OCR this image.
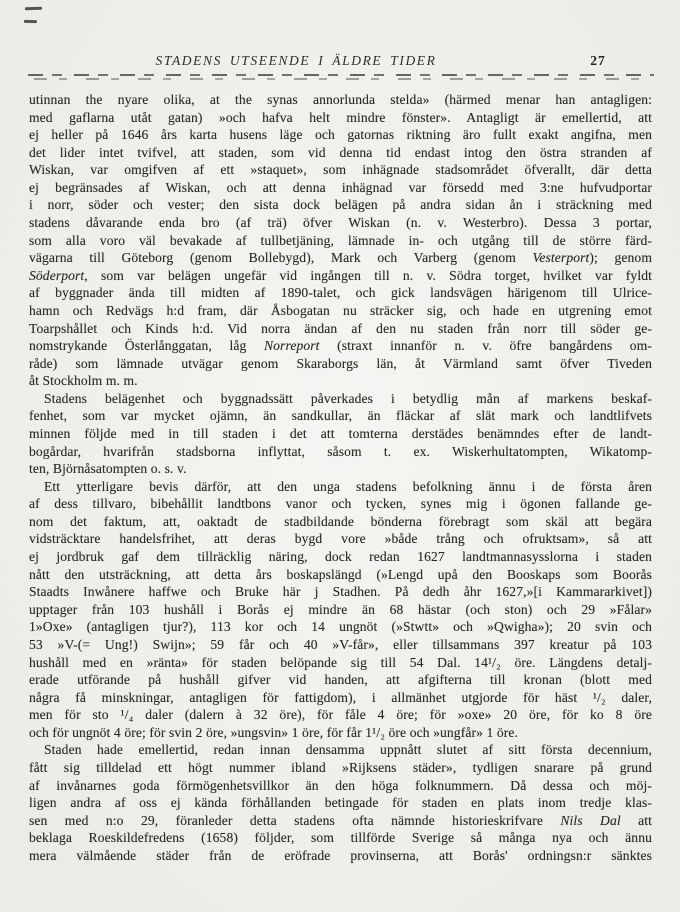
STADENS UTSEENDE I ÄLDRE TIDER	27
utinnan the nyare olika, at the synas annorlunda stelda» (härmed menar han antagligen:
med gaflarna utåt gatan) »och hafva helt mindre fönster». Antagligt är emellertid, att
ej heller på 1646 års karta husens läge och gatornas riktning äro fullt exakt angifna, men
det lider intet tvifvel, att staden, som vid denna tid endast intog den östra stranden af
Wiskan, var omgifven af ett »staquet», som inhägnade stadsområdet öfverallt, där detta
ej begränsades af Wiskan, och att denna inhägnad var försedd med 3:ne hufvudportar
i norr, söder och vester; den sista dock belägen på andra sidan ån i sträckning med
stadens dåvarande enda bro (af trä) öfver Wiskan (n. v. Westerbro). Dessa 3 portar,
som alla voro väl bevakade af tullbetjäning, lämnade in- och utgång till de större färd-
vägarna till Göteborg (genom Bollebygd), Mark och Varberg (genom Vesterport); genom
Söderport, som var belägen ungefär vid ingången till n. v. Södra torget, hvilket var fyldt
af byggnader ända till midten af 1890-talet, och gick landsvägen härigenom till Ulrice-
hamn och Redvägs h:d fram, där Åsbogatan nu sträcker sig, och hade en utgrening emot
Toarpshållet och Kinds h:d. Vid norra ändan af den nu staden från norr till söder ge-
nomstrykande Österlånggatan, låg Norreport (straxt innanför n. v. öfre bangårdens om-
råde) som lämnade utvägar genom Skaraborgs län, åt Värmland samt öfver Tiveden
åt Stockholm m. m.
Stadens belägenhet och byggnadssätt påverkades i betydlig mån af markens beskaf-
fenhet, som var mycket ojämn, än sandkullar, än fläckar af slät mark och landtlifvets
minnen följde med in till staden i det att tomterna derstädes benämndes efter de landt-
bogårdar, hvarifrån stadsborna inflyttat, såsom t. ex. Wiskerhultatompten, Wikatomp-
ten, Björnåsatompten o. s. v.
Ett ytterligare bevis därför, att den unga stadens befolkning ännu i de första åren
af dess tillvaro, bibehållit landtbons vanor och tycken, synes mig i ögonen fallande ge-
nom det faktum, att, oaktadt de stadbildande bönderna förebragt som skäl att begära
vidsträcktare handelsfrihet, att deras bygd vore »både trång och ofruktsam», så att
ej jordbruk gaf dem tillräcklig näring, dock redan 1627 landtmannasysslorna i staden
nått den utsträckning, att detta års boskapslängd (»Lengd upå den Booskaps som Boorås
Staadts Inwånere haffwe och Bruke här j Stadhen. På dedh åhr 1627,»[i Kammararkivet])
upptager från 103 hushåll i Borås ej mindre än 68 hästar (och ston) och 29 »Fålar»
1»Oxe» (antagligen tjur?), 113 kor och 14 ungnöt (»Stwtt» och »Qwigha»); 20 svin och
53 »V-(= Ung!) Swijn»; 59 får och 40 »V-får», eller tillsammans 397 kreatur på 103
hushåll med en »ränta» för staden belöpande sig till 54 Dal. 14¹/₂ öre. Längdens detalj-
erade utförande på hushåll gifver vid handen, att afgifterna till kronan (blott med
några få minskningar, antagligen för fattigdom), i allmänhet utgjorde för häst ¹/₂ daler,
men för sto ¹/₄ daler (dalern à 32 öre), för fåle 4 öre; för »oxe» 20 öre, för ko 8 öre
och för ungnöt 4 öre; för svin 2 öre, »ungsvin» 1 öre, för får 1¹/₂ öre och »ungfår» 1 öre.
Staden hade emellertid, redan innan densamma uppnått slutet af sitt första decennium,
fått sig tilldelad ett högt nummer ibland »Rijksens städer», tydligen snarare på grund
af invånarnes goda förmögenhetsvillkor än den höga folknummern. Då dessa och möj-
ligen andra af oss ej kända förhållanden betingade för staden en plats inom tredje klas-
sen med n:o 29, föranleder detta stadens ofta nämnde historieskrifvare Nils Dal att
beklaga Roeskildefredens (1658) följder, som tillförde Sverige så många nya och ännu
mera välmående städer från de eröfrade provinserna, att Borås' ordningsn:r sänktes
